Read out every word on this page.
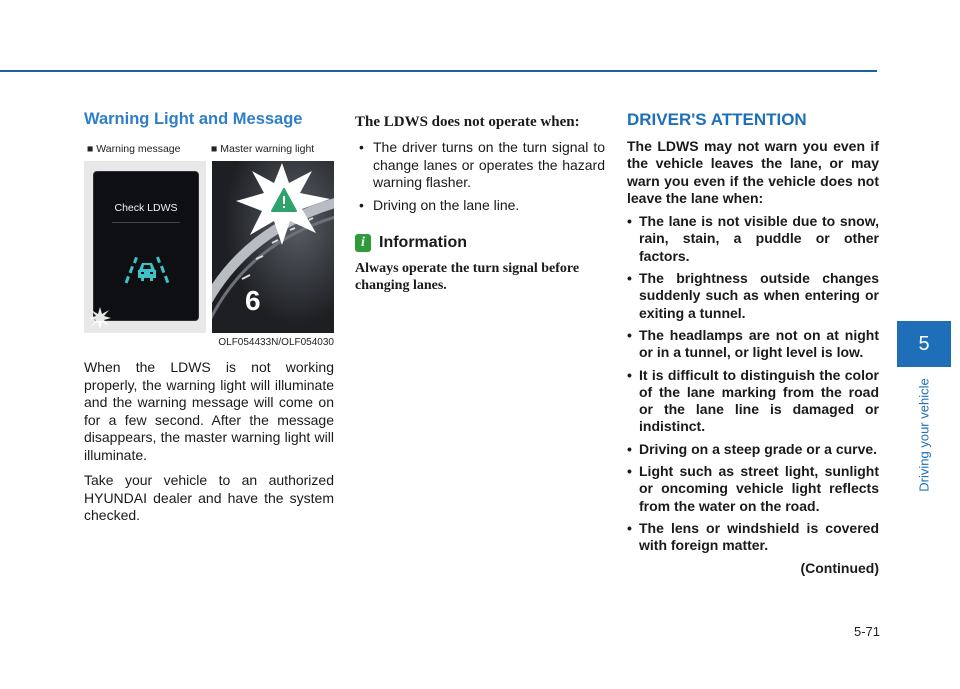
Warning Light and Message
■ Warning message	■ Master warning light
Check LDWS
6
OLF054433N/OLF054030

When the LDWS is not working properly, the warning light will illuminate and the warning message will come on for a few second. After the message disappears, the master warning light will illuminate.

Take your vehicle to an authorized HYUNDAI dealer and have the system checked.

The LDWS does not operate when:
• The driver turns on the turn signal to change lanes or operates the hazard warning flasher.
• Driving on the lane line.
i Information
Always operate the turn signal before changing lanes.
DRIVER'S ATTENTION
The LDWS may not warn you even if the vehicle leaves the lane, or may warn you even if the vehicle does not leave the lane when:
• The lane is not visible due to snow, rain, stain, a puddle or other factors.
• The brightness outside changes suddenly such as when entering or exiting a tunnel.
• The headlamps are not on at night or in a tunnel, or light level is low.
• It is difficult to distinguish the color of the lane marking from the road or the lane line is damaged or indistinct.
• Driving on a steep grade or a curve.
• Light such as street light, sunlight or oncoming vehicle light reflects from the water on the road.
• The lens or windshield is covered with foreign matter.
(Continued)
5
Driving your vehicle
5-71
